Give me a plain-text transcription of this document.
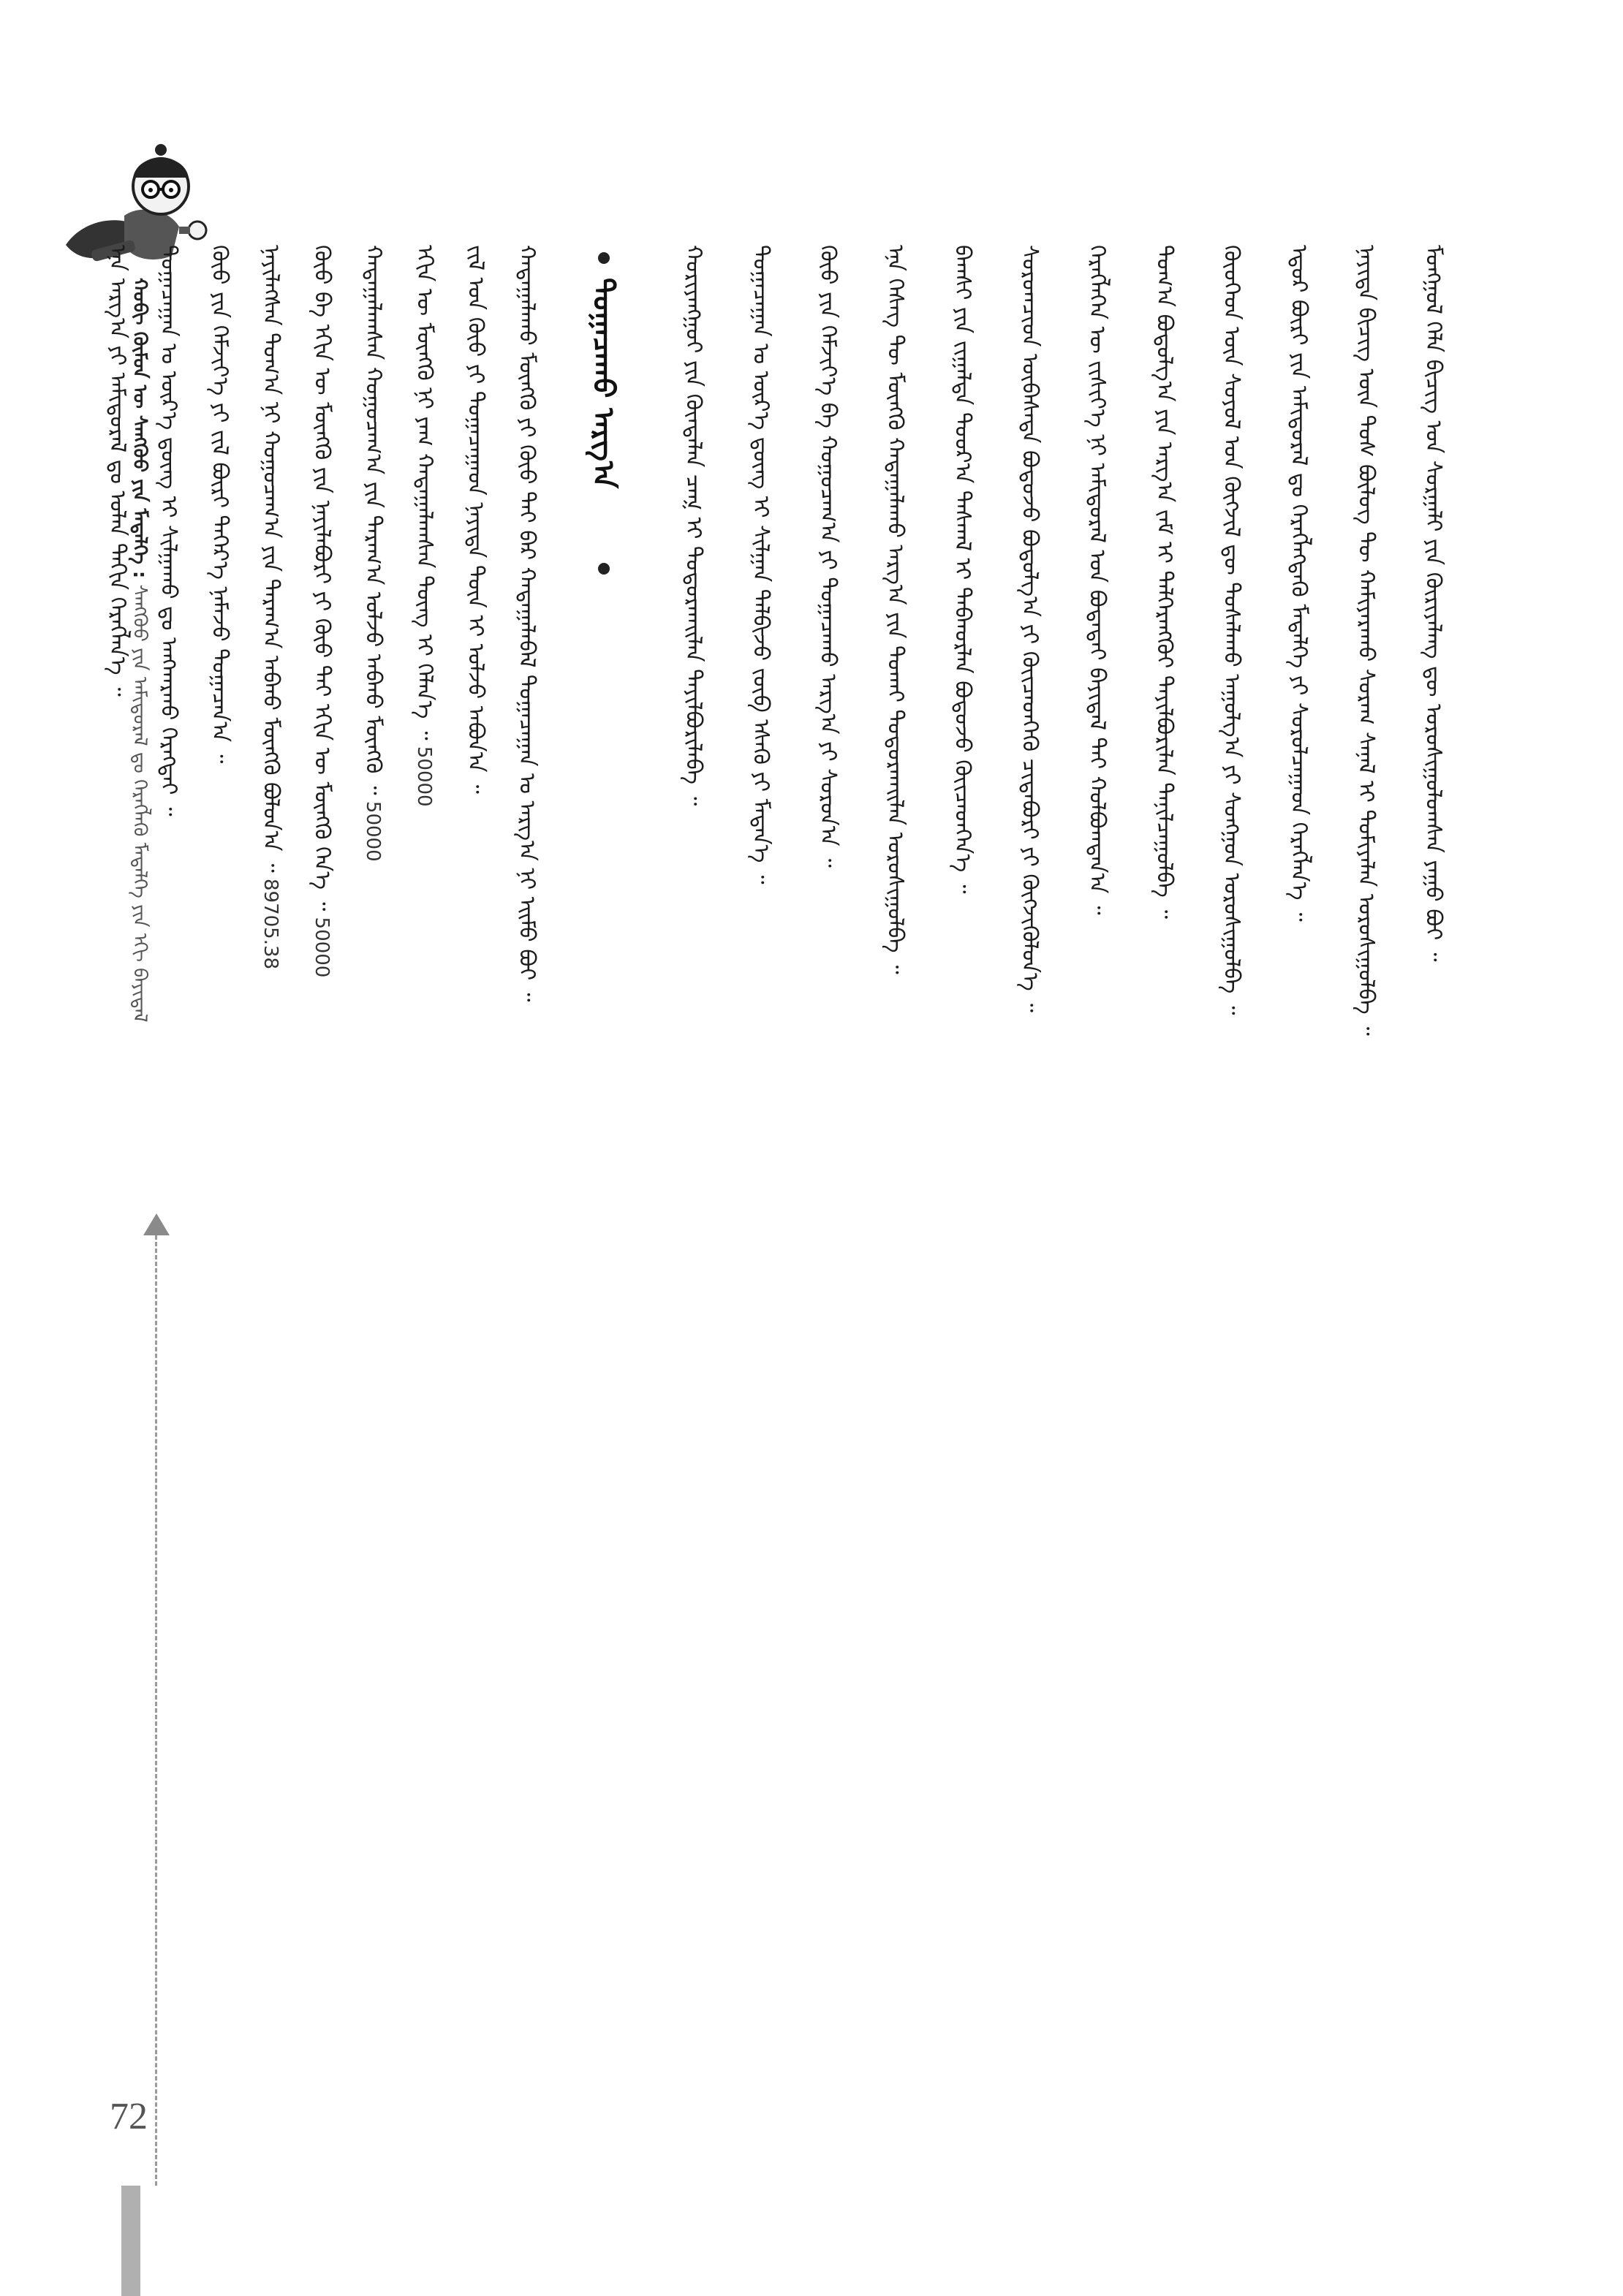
ᠬᠤᠪᠢ ᠬᠦᠮᠦᠨ ᠦ ᠰᠠᠩᠬᠦᠦ ᠶᠢᠨ ᠮᠡᠳᠡᠯᠭᠡ : ᠰᠠᠩᠬᠦᠦ ᠶᠢᠨ ᠠᠮᠢᠳᠤᠷᠠᠯ ᠳᠤ ᠬᠡᠷᠡᠭᠯᠡᠬᠦ ᠮᠡᠳᠡᠯᠭᠡ ᠶᠢᠨ ᠡᠬᠢ ᠪᠠᠶᠢᠳᠠᠯ
72
ᠮᠣᠩᠭᠣᠯ ᠬᠡᠯᠡ ᠪᠢᠴᠢᠭ᠌ ᠤᠨ ᠰᠤᠷᠭᠠᠯᠢ ᠶᠢᠨ ᠬᠦᠷᠢᠶᠡᠯᠡᠩ ᠳᠦ ᠣᠷᠣᠰᠢᠭᠤᠯᠤᠭᠰᠠᠨ ᠶᠠᠭᠤ ᠪᠤᠢ ᠃
ᠨᠡᠶᠢᠲᠡ ᠪᠢᠴᠢᠭ᠌ ᠦᠨ ᠳᠤᠰ ᠪᠦᠯᠦᠭ ᠲᠦ ᠬᠠᠮᠢᠶᠠᠷᠠᠬᠤ ᠰᠤᠷᠠᠭ ᠰᠠᠨᠠᠯ ᠢ ᠲᠣᠮᠢᠶᠠᠯᠠᠨ ᠣᠷᠣᠰᠢᠭᠤᠯᠪᠠ ᠃
ᠡᠳᠦᠷ ᠪᠦᠷᠢ ᠶᠢᠨ ᠠᠮᠢᠳᠤᠷᠠᠯ ᠳᠤ ᠬᠡᠷᠡᠭᠯᠡᠭᠳᠡᠬᠦ ᠮᠡᠳᠡᠯᠭᠡ ᠶᠢ ᠰᠤᠷᠤᠯᠴᠠᠭᠠᠳ ᠬᠡᠷᠡᠭᠯᠡᠨ᠎ᠡ ᠃
ᠬᠦᠦᠬᠡᠳ ᠦᠨ ᠰᠣᠶᠤᠯ ᠤᠨ ᠬᠥᠭᠵᠢᠯ ᠳᠦ ᠲᠤᠰᠠᠯᠠᠬᠤ ᠠᠭᠤᠯᠭ᠎ᠠ ᠶᠢ ᠰᠣᠩᠭᠣᠨ ᠣᠷᠣᠰᠢᠭᠤᠯᠪᠠ ᠃
ᠲᠣᠭ᠎ᠠ ᠪᠣᠳᠤᠯᠭ᠎ᠠ ᠶᠢᠨ ᠠᠷᠭ᠎ᠠ ᠵᠠᠮ ᠢ ᠳᠡᠯᠭᠡᠷᠡᠩᠭᠦᠢ ᠲᠠᠶᠢᠯᠪᠤᠷᠢᠯᠠᠨ ᠲᠠᠨᠢᠯᠴᠠᠭᠤᠯᠪᠠ ᠃
ᠬᠡᠷᠡᠭᠯᠡᠭᠡᠨ ᠦ ᠵᠢᠱᠢᠶ᠎ᠡ ᠨᠢ ᠠᠮᠢᠳᠤᠷᠠᠯ ᠤᠨ ᠪᠣᠳᠠᠳᠠᠢ ᠪᠠᠶᠢᠳᠠᠯ ᠲᠠᠢ ᠬᠣᠯᠪᠣᠭᠳᠠᠨ᠎ᠠ ᠃
ᠰᠤᠷᠤᠭᠴᠢᠳ ᠥᠪᠡᠰᠡᠳᠡ ᠪᠣᠳᠣᠵᠤ ᠪᠣᠳᠤᠯᠭ᠎ᠠ ᠶᠢ ᠭᠦᠢᠴᠡᠳᠭᠡᠬᠦ ᠴᠢᠳᠠᠪᠤᠷᠢ ᠶᠢ ᠬᠥᠭᠵᠢᠭᠦᠯᠦᠨ᠎ᠡ ᠃
ᠪᠠᠭᠰᠢ ᠶᠢᠨ ᠵᠢᠭᠠᠯᠲᠠ ᠳᠣᠣᠷ᠎ᠠ ᠳᠠᠰᠬᠠᠯ ᠢ ᠳᠠᠪᠬᠤᠷᠯᠠᠨ ᠪᠣᠳᠤᠵᠤ ᠭᠦᠢᠴᠡᠳᠭᠡᠨ᠎ᠡ ᠃
ᠡᠨᠡ ᠬᠡᠰᠡᠭ ᠲᠦ ᠮᠥᠩᠭᠦ ᠬᠠᠳᠠᠭᠠᠯᠠᠬᠤ ᠠᠷᠭ᠎ᠠ ᠶᠢᠨ ᠲᠤᠬᠠᠢ ᠲᠣᠳᠣᠷᠬᠠᠢᠯᠠᠨ ᠣᠷᠣᠰᠢᠭᠤᠯᠪᠠ ᠃
ᠬᠦᠦ ᠶᠢᠨ ᠬᠡᠮᠵᠢᠶ᠎ᠡ ᠪᠠ ᠬᠤᠭᠤᠴᠠᠭ᠎ᠠ ᠶᠢ ᠲᠣᠭᠠᠴᠠᠬᠤ ᠠᠷᠭ᠎ᠠ ᠶᠢ ᠰᠤᠷᠤᠨ᠎ᠠ ᠃
ᠲᠣᠭᠠᠴᠠᠭᠠᠨ ᠤ ᠦᠷ᠎ᠡ ᠳ᠋ᠦᠩ ᠢ ᠰᠢᠯᠭᠠᠨ ᠲᠠᠯᠪᠢᠵᠤ ᠵᠥᠪ ᠡᠰᠡᠬᠦ ᠶᠢ ᠮᠡᠳᠡᠨ᠎ᠡ ᠃
ᠬᠤᠷᠢᠶᠠᠩᠭᠤᠢ ᠶᠢᠨ ᠬᠥᠨᠳᠡᠯᠡᠨ ᠴᠡᠭ᠍ ᠢ ᠲᠣᠳᠣᠷᠬᠠᠢᠯᠠᠨ ᠲᠠᠶᠢᠯᠪᠤᠷᠢᠯᠠᠪᠠ ᠃
ᠲᠣᠭᠠᠴᠠᠬᠤ ᠠᠷᠭ᠎ᠠ
ᠬᠠᠳᠠᠭᠠᠯᠠᠬᠤ ᠮᠥᠩᠭᠦ ᠶᠢ ᠬᠦᠦ ᠲᠠᠢ ᠪᠡᠷ ᠬᠠᠳᠠᠭᠠᠯᠠᠪᠠᠯ ᠲᠣᠭᠠᠴᠠᠭᠠᠨ ᠤ ᠠᠷᠭ᠎ᠠ ᠨᠢ ᠡᠢᠮᠦ ᠪᠤᠢ ᠃
ᠵᠢᠯ ᠤᠨ ᠬᠦᠦ ᠶᠢ ᠲᠣᠭᠠᠴᠠᠭᠠᠳ ᠨᠡᠶᠢᠲᠡ ᠳᠦᠨ ᠢ ᠣᠯᠵᠤ ᠠᠪᠤᠨ᠎ᠠ ᠃
ᠡᠬᠢᠨ ᠦ ᠮᠥᠩᠭᠦ ᠨᠢ ᠶᠠᠭ ᠬᠠᠳᠠᠭᠠᠯᠠᠭᠰᠠᠨ ᠳᠦᠩ ᠢ ᠬᠡᠯᠡᠨ᠎ᠡ ᠃ 50000
ᠬᠠᠳᠠᠭᠠᠯᠠᠭᠰᠠᠨ ᠬᠤᠭᠤᠴᠠᠭ᠎ᠠ ᠶᠢᠨ ᠳᠠᠷᠠᠭ᠎ᠠ ᠣᠯᠵᠤ ᠠᠪᠬᠤ ᠮᠥᠩᠭᠦ ᠃ 50000
ᠬᠦᠦ ᠪᠠ ᠡᠬᠢᠨ ᠦ ᠮᠥᠩᠭᠦ ᠶᠢᠨ ᠨᠡᠶᠢᠯᠡᠪᠦᠷᠢ ᠶᠢ ᠬᠦᠦ ᠲᠠᠢ ᠡᠬᠢᠨ ᠦ ᠮᠥᠩᠭᠦ ᠭᠡᠨ᠎ᠡ ᠃ 50000
ᠨᠡᠶᠢᠯᠡᠭᠰᠡᠨ ᠲᠣᠭ᠎ᠠ ᠨᠢ ᠬᠤᠭᠤᠴᠠᠭ᠎ᠠ ᠶᠢᠨ ᠳᠠᠷᠠᠭ᠎ᠠ ᠠᠪᠬᠤ ᠮᠥᠩᠭᠦ ᠪᠣᠯᠤᠨ᠎ᠠ ᠃ 89705.38
ᠬᠦᠦ ᠶᠢᠨ ᠬᠡᠮᠵᠢᠶ᠎ᠡ ᠶᠢ ᠵᠢᠯ ᠪᠦᠷᠢ ᠳᠡᠭᠡᠷ᠎ᠡ ᠨᠡᠮᠡᠵᠦ ᠲᠣᠭᠠᠴᠠᠨ᠎ᠠ ᠃
ᠲᠣᠭᠠᠴᠠᠭᠠᠨ ᠤ ᠦᠷ᠎ᠡ ᠳ᠋ᠦᠩ ᠢ ᠰᠢᠯᠭᠠᠬᠤ ᠳᠤ ᠠᠩᠬᠠᠷᠬᠤ ᠬᠡᠷᠡᠭᠲᠡᠢ ᠃
ᠡᠨᠡ ᠠᠷᠭ᠎ᠠ ᠶᠢ ᠠᠮᠢᠳᠤᠷᠠᠯ ᠳᠤ ᠣᠯᠠᠨ ᠳᠠᠬᠢᠨ ᠬᠡᠷᠡᠭᠯᠡᠨ᠎ᠡ ᠃
